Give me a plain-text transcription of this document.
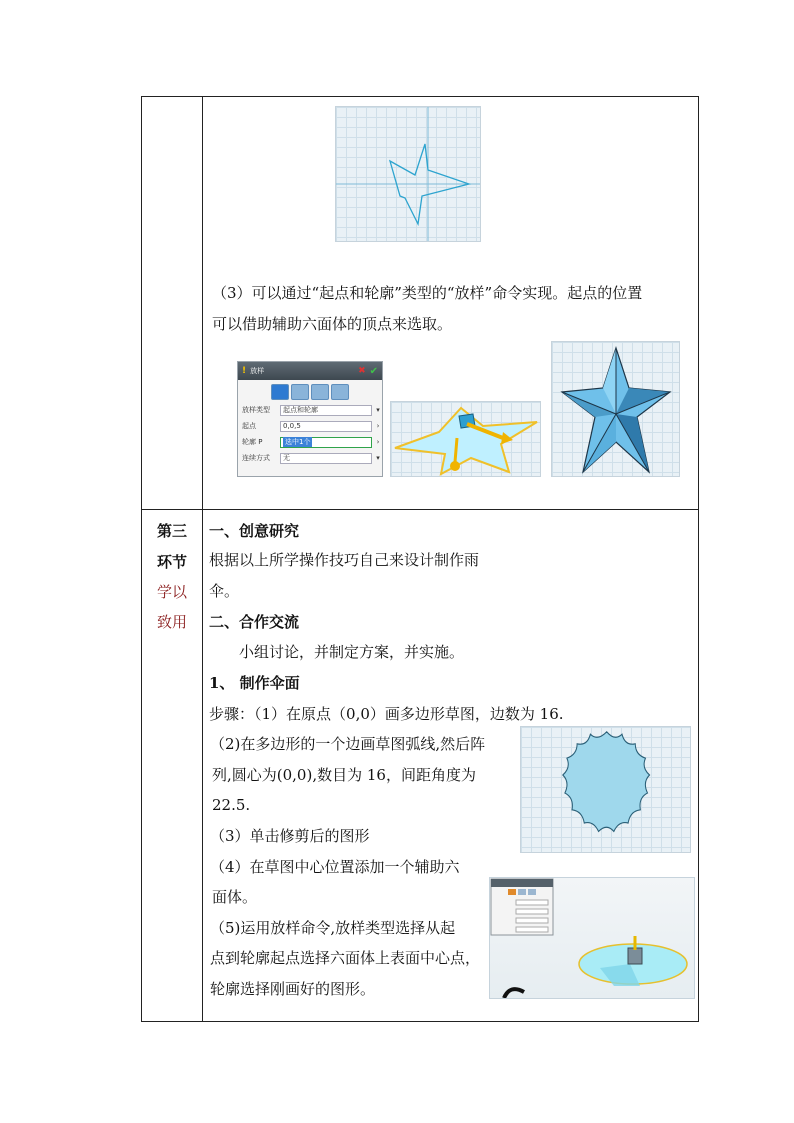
（3）可以通过“起点和轮廓”类型的“放样”命令实现。起点的位置
可以借助辅助六面体的顶点来选取。
! 放样	✖ ✔
放样类型	起点和轮廓	▾
起点	0,0,5	›
轮廓 P	选中1个	›
连续方式	无	▾
第三
环节
学以
致用
一、创意研究
根据以上所学操作技巧自己来设计制作雨
伞。
二、合作交流
小组讨论，并制定方案，并实施。
1、 制作伞面
步骤：（1）在原点（0,0）画多边形草图，边数为 16.
（2)在多边形的一个边画草图弧线,然后阵
列,圆心为(0,0),数目为 16，间距角度为
22.5.
（3）单击修剪后的图形
（4）在草图中心位置添加一个辅助六
面体。
（5)运用放样命令,放样类型选择从起
点到轮廓起点选择六面体上表面中心点，
轮廓选择刚画好的图形。
